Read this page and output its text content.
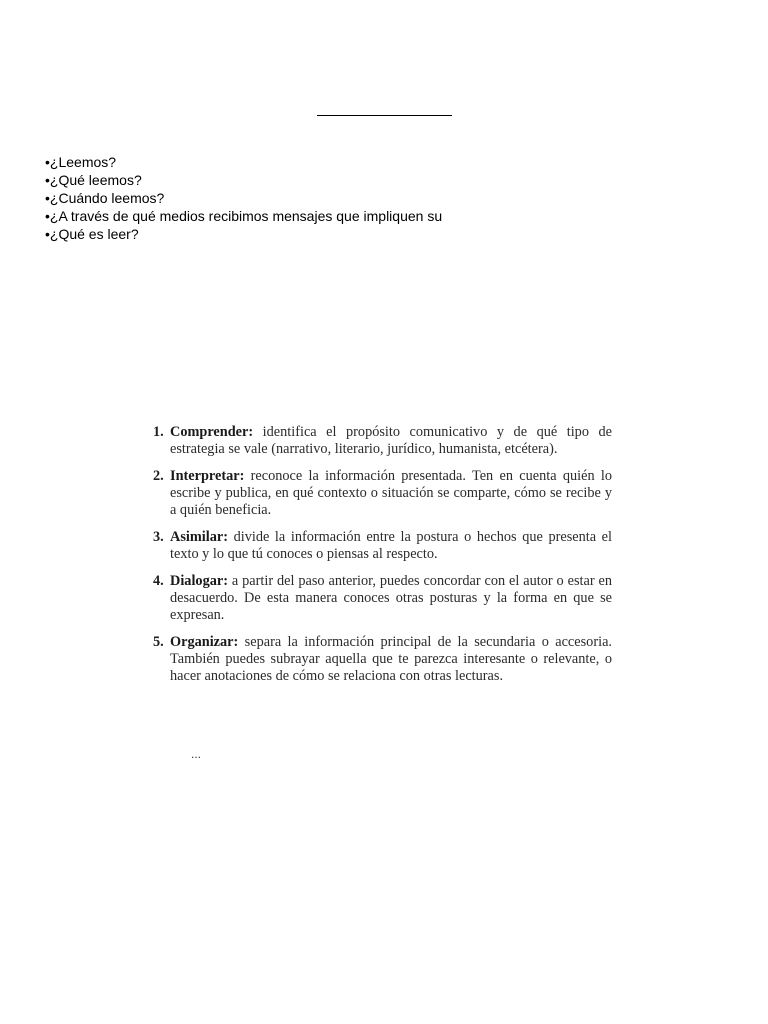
• ¿Leemos?
• ¿Qué leemos?
• ¿Cuándo leemos?
• ¿A través de qué medios recibimos mensajes que impliquen su
• ¿Qué es leer?
1. Comprender: identifica el propósito comunicativo y de qué tipo de estrategia se vale (narrativo, literario, jurídico, humanista, etcétera).
2. Interpretar: reconoce la información presentada. Ten en cuenta quién lo escribe y publica, en qué contexto o situación se comparte, cómo se recibe y a quién beneficia.
3. Asimilar: divide la información entre la postura o hechos que presenta el texto y lo que tú conoces o piensas al respecto.
4. Dialogar: a partir del paso anterior, puedes concordar con el autor o estar en desacuerdo. De esta manera conoces otras posturas y la forma en que se expresan.
5. Organizar: separa la información principal de la secundaria o accesoria. También puedes subrayar aquella que te parezca interesante o relevante, o hacer anotaciones de cómo se relaciona con otras lecturas.
...
